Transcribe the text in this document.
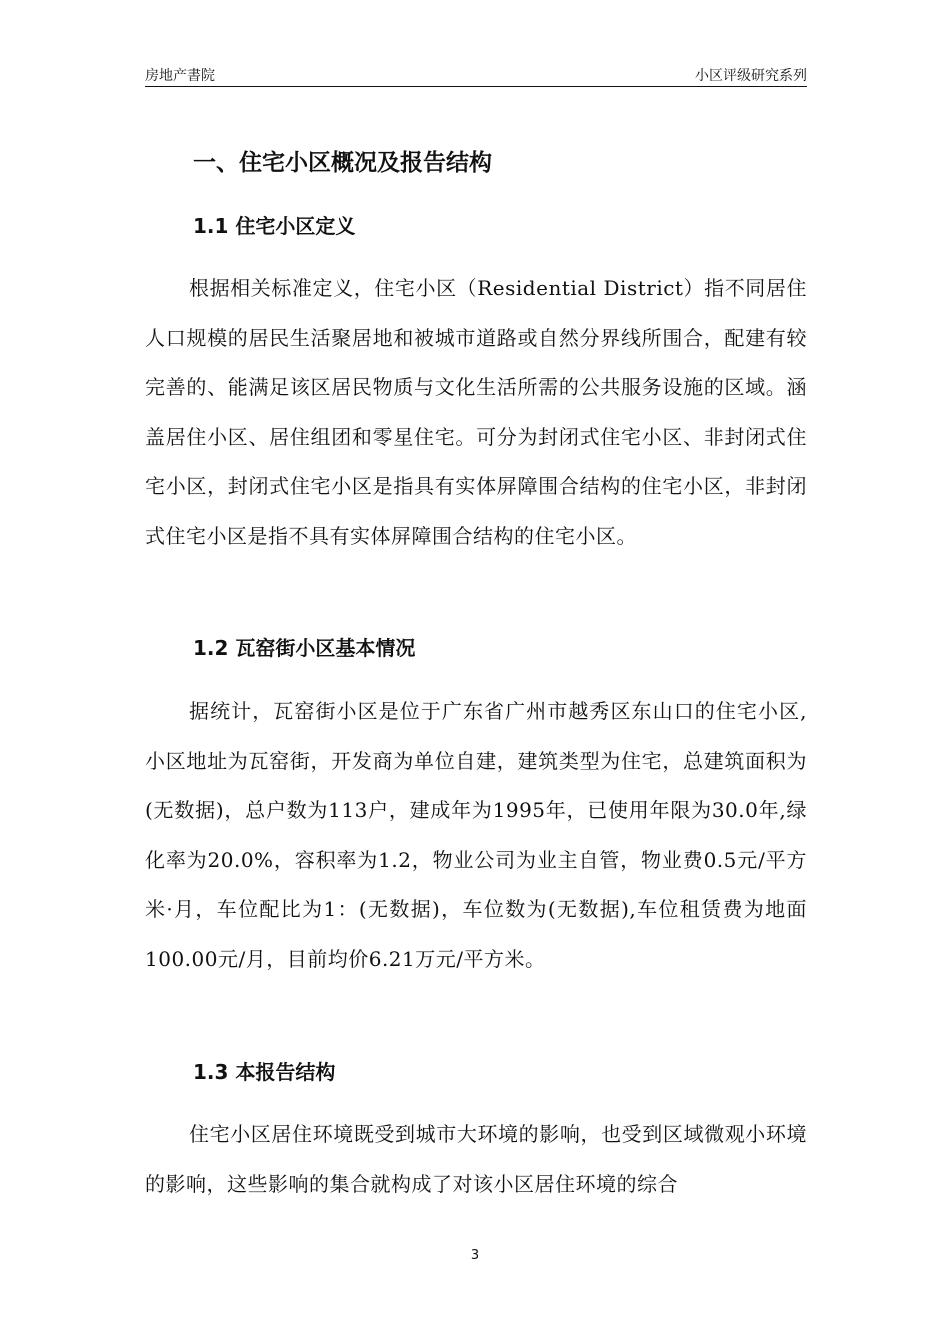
房地产書院	小区评级研究系列
一、住宅小区概况及报告结构
1.1 住宅小区定义

根据相关标准定义，住宅小区（Residential District）指不同居住人口规模的居民生活聚居地和被城市道路或自然分界线所围合，配建有较完善的、能满足该区居民物质与文化生活所需的公共服务设施的区域。涵盖居住小区、居住组团和零星住宅。可分为封闭式住宅小区、非封闭式住宅小区，封闭式住宅小区是指具有实体屏障围合结构的住宅小区，非封闭式住宅小区是指不具有实体屏障围合结构的住宅小区。

1.2 瓦窑街小区基本情况

据统计，瓦窑街小区是位于广东省广州市越秀区东山口的住宅小区,小区地址为瓦窑街，开发商为单位自建，建筑类型为住宅，总建筑面积为(无数据)，总户数为113户，建成年为1995年，已使用年限为30.0年,绿化率为20.0%，容积率为1.2，物业公司为业主自管，物业费0.5元/平方米·月，车位配比为1：(无数据)，车位数为(无数据),车位租赁费为地面100.00元/月，目前均价6.21万元/平方米。

1.3 本报告结构

住宅小区居住环境既受到城市大环境的影响，也受到区域微观小环境的影响，这些影响的集合就构成了对该小区居住环境的综合

3
